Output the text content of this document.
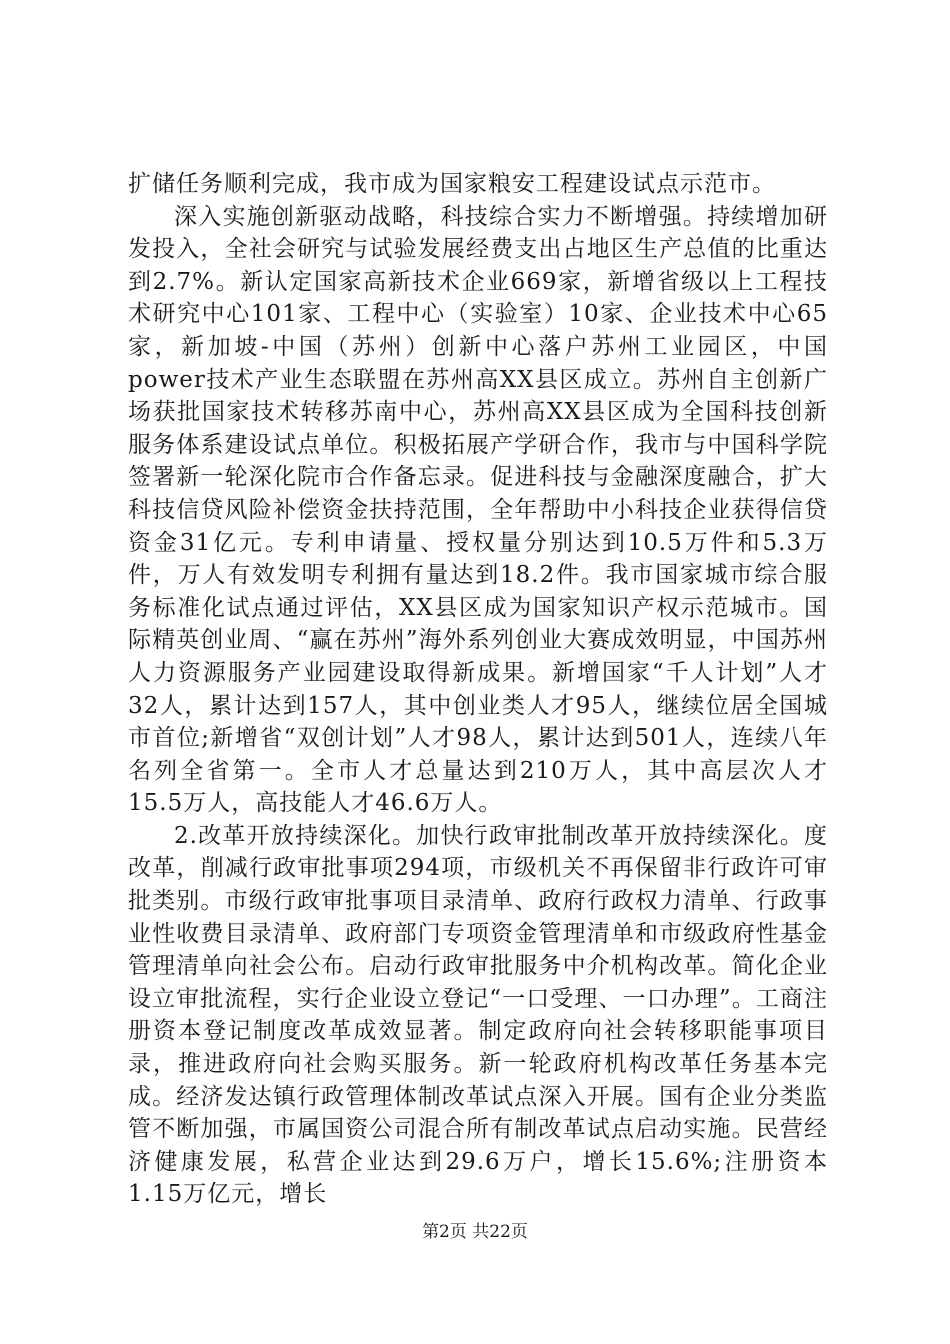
扩储任务顺利完成，我市成为国家粮安工程建设试点示范市。

深入实施创新驱动战略，科技综合实力不断增强。持续增加研发投入，全社会研究与试验发展经费支出占地区生产总值的比重达到2.7%。新认定国家高新技术企业669家，新增省级以上工程技术研究中心101家、工程中心（实验室）10家、企业技术中心65家，新加坡-中国（苏州）创新中心落户苏州工业园区，中国power技术产业生态联盟在苏州高XX县区成立。苏州自主创新广场获批国家技术转移苏南中心，苏州高XX县区成为全国科技创新服务体系建设试点单位。积极拓展产学研合作，我市与中国科学院签署新一轮深化院市合作备忘录。促进科技与金融深度融合，扩大科技信贷风险补偿资金扶持范围，全年帮助中小科技企业获得信贷资金31亿元。专利申请量、授权量分别达到10.5万件和5.3万件，万人有效发明专利拥有量达到18.2件。我市国家城市综合服务标准化试点通过评估，XX县区成为国家知识产权示范城市。国际精英创业周、“赢在苏州”海外系列创业大赛成效明显，中国苏州人力资源服务产业园建设取得新成果。新增国家“千人计划”人才32人，累计达到157人，其中创业类人才95人，继续位居全国城市首位;新增省“双创计划”人才98人，累计达到501人，连续八年名列全省第一。全市人才总量达到210万人，其中高层次人才15.5万人，高技能人才46.6万人。

2.改革开放持续深化。加快行政审批制改革开放持续深化。度改革，削减行政审批事项294项，市级机关不再保留非行政许可审批类别。市级行政审批事项目录清单、政府行政权力清单、行政事业性收费目录清单、政府部门专项资金管理清单和市级政府性基金管理清单向社会公布。启动行政审批服务中介机构改革。简化企业设立审批流程，实行企业设立登记“一口受理、一口办理”。工商注册资本登记制度改革成效显著。制定政府向社会转移职能事项目录，推进政府向社会购买服务。新一轮政府机构改革任务基本完成。经济发达镇行政管理体制改革试点深入开展。国有企业分类监管不断加强，市属国资公司混合所有制改革试点启动实施。民营经济健康发展，私营企业达到29.6万户，增长15.6%;注册资本1.15万亿元，增长

第2页 共22页
